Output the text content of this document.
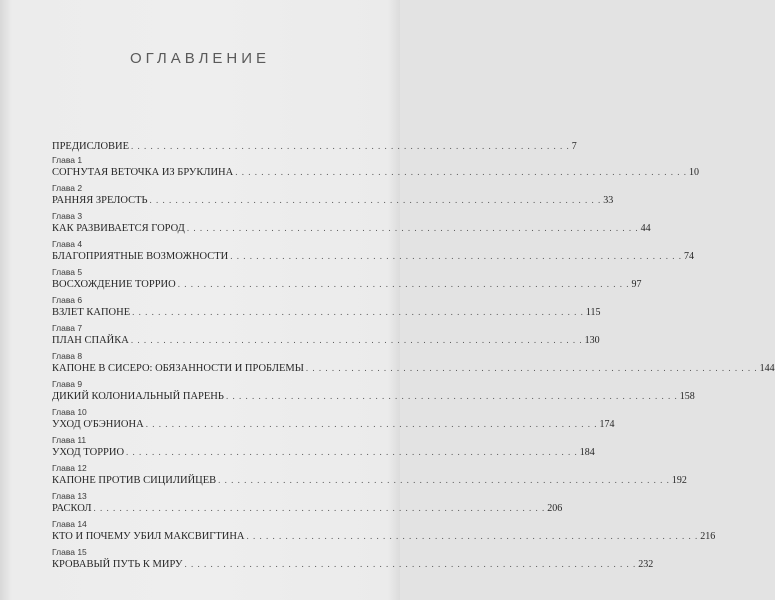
ОГЛАВЛЕНИЕ
ПРЕДИСЛОВИЕ . . . . . . . . . . . . . . . . . . . . . . . . . . . . . . . . . . . . . . . . . . . . . . . . . . . . . . . . . . . . . . . . . . . . 7
Глава 1
СОГНУТАЯ ВЕТОЧКА ИЗ БРУКЛИНА . . . . . . . . . . . . . . . . . . . . . . . . . . . . . . . . . . . . . . . . . . . . . . . . . . . . . . . . . . . . . . . . . . . . . . 10
Глава 2
РАННЯЯ ЗРЕЛОСТЬ . . . . . . . . . . . . . . . . . . . . . . . . . . . . . . . . . . . . . . . . . . . . . . . . . . . . . . . . . . . . . . . . . . . . . . 33
Глава 3
КАК РАЗВИВАЕТСЯ ГОРОД . . . . . . . . . . . . . . . . . . . . . . . . . . . . . . . . . . . . . . . . . . . . . . . . . . . . . . . . . . . . . . . . . . . . . . 44
Глава 4
БЛАГОПРИЯТНЫЕ ВОЗМОЖНОСТИ . . . . . . . . . . . . . . . . . . . . . . . . . . . . . . . . . . . . . . . . . . . . . . . . . . . . . . . . . . . . . . . . . . . . . . 74
Глава 5
ВОСХОЖДЕНИЕ ТОРРИО . . . . . . . . . . . . . . . . . . . . . . . . . . . . . . . . . . . . . . . . . . . . . . . . . . . . . . . . . . . . . . . . . . . . . . 97
Глава 6
ВЗЛЕТ КАПОНЕ . . . . . . . . . . . . . . . . . . . . . . . . . . . . . . . . . . . . . . . . . . . . . . . . . . . . . . . . . . . . . . . . . . . . . . 115
Глава 7
ПЛАН СПАЙКА . . . . . . . . . . . . . . . . . . . . . . . . . . . . . . . . . . . . . . . . . . . . . . . . . . . . . . . . . . . . . . . . . . . . . . 130
Глава 8
КАПОНЕ В СИСЕРО: ОБЯЗАННОСТИ И ПРОБЛЕМЫ . . . . . . . . . . . . . . . . . . . . . . . . . . . . . . . . . . . . . . . . . . . . . . . . . . . . . . . . . . . . . . . . . . . . . . 144
Глава 9
ДИКИЙ КОЛОНИАЛЬНЫЙ ПАРЕНЬ . . . . . . . . . . . . . . . . . . . . . . . . . . . . . . . . . . . . . . . . . . . . . . . . . . . . . . . . . . . . . . . . . . . . . . 158
Глава 10
УХОД О'БЭНИОНА . . . . . . . . . . . . . . . . . . . . . . . . . . . . . . . . . . . . . . . . . . . . . . . . . . . . . . . . . . . . . . . . . . . . . . 174
Глава 11
УХОД ТОРРИО . . . . . . . . . . . . . . . . . . . . . . . . . . . . . . . . . . . . . . . . . . . . . . . . . . . . . . . . . . . . . . . . . . . . . . 184
Глава 12
КАПОНЕ ПРОТИВ СИЦИЛИЙЦЕВ . . . . . . . . . . . . . . . . . . . . . . . . . . . . . . . . . . . . . . . . . . . . . . . . . . . . . . . . . . . . . . . . . . . . . . 192
Глава 13
РАСКОЛ . . . . . . . . . . . . . . . . . . . . . . . . . . . . . . . . . . . . . . . . . . . . . . . . . . . . . . . . . . . . . . . . . . . . . . 206
Глава 14
КТО И ПОЧЕМУ УБИЛ МАКСВИГТИНА . . . . . . . . . . . . . . . . . . . . . . . . . . . . . . . . . . . . . . . . . . . . . . . . . . . . . . . . . . . . . . . . . . . . . . 216
Глава 15
КРОВАВЫЙ ПУТЬ К МИРУ . . . . . . . . . . . . . . . . . . . . . . . . . . . . . . . . . . . . . . . . . . . . . . . . . . . . . . . . . . . . . . . . . . . . . . 232
